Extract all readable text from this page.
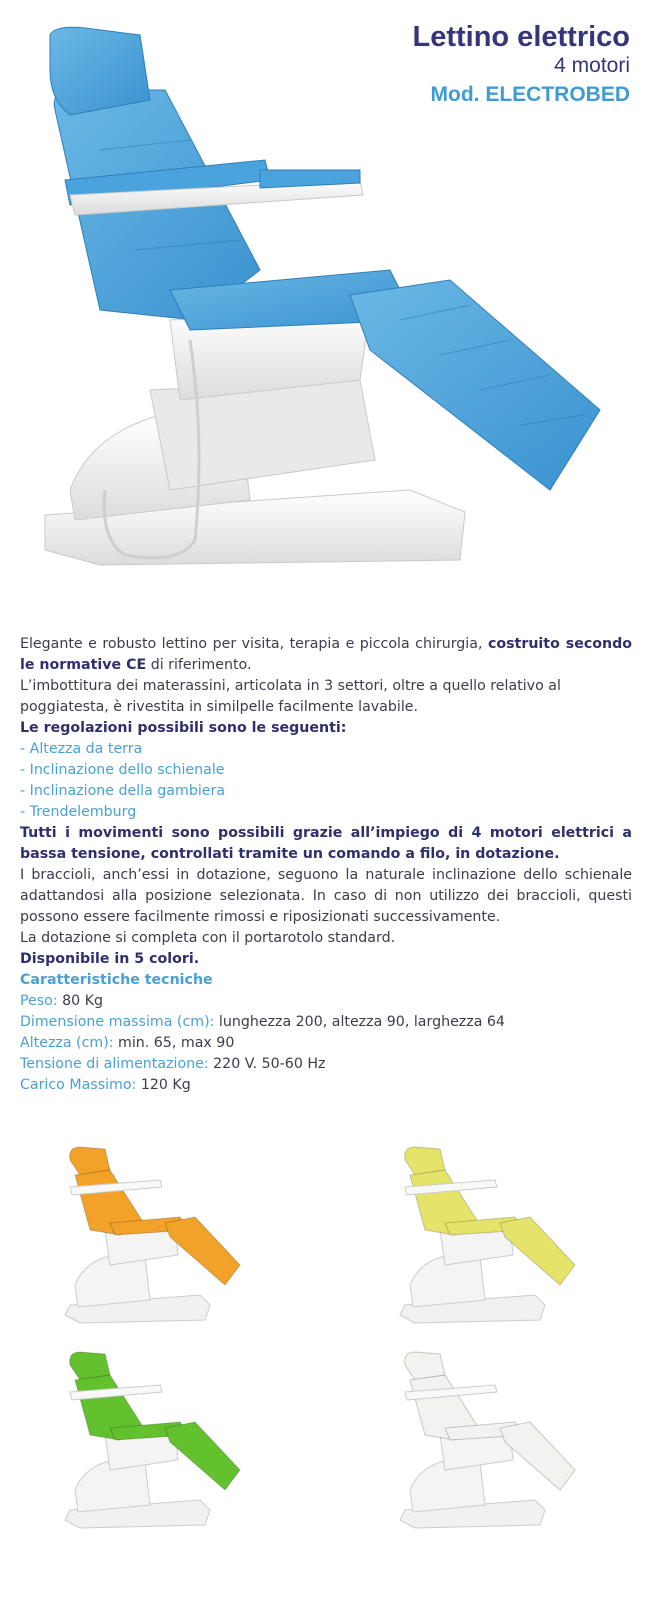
Lettino elettrico
4 motori
Mod. ELECTROBED

Elegante e robusto lettino per visita, terapia e piccola chirurgia, costruito secondo le normative CE di riferimento.

L’imbottitura dei materassini, articolata in 3 settori, oltre a quello relativo al poggiatesta, è rivestita in similpelle facilmente lavabile.

Le regolazioni possibili sono le seguenti:

- Altezza da terra

- Inclinazione dello schienale

- Inclinazione della gambiera

- Trendelemburg

Tutti i movimenti sono possibili grazie all’impiego di 4 motori elettrici a bassa tensione, controllati tramite un comando a filo, in dotazione.

I braccioli, anch’essi in dotazione, seguono la naturale inclinazione dello schienale adattandosi alla posizione selezionata. In caso di non utilizzo dei braccioli, questi possono essere facilmente rimossi e riposizionati successivamente.

La dotazione si completa con il portarotolo standard.

Disponibile in 5 colori.

Caratteristiche tecniche

Peso: 80 Kg

Dimensione massima (cm): lunghezza 200, altezza 90, larghezza 64

Altezza (cm): min. 65, max 90

Tensione di alimentazione: 220 V. 50-60 Hz

Carico Massimo: 120 Kg
